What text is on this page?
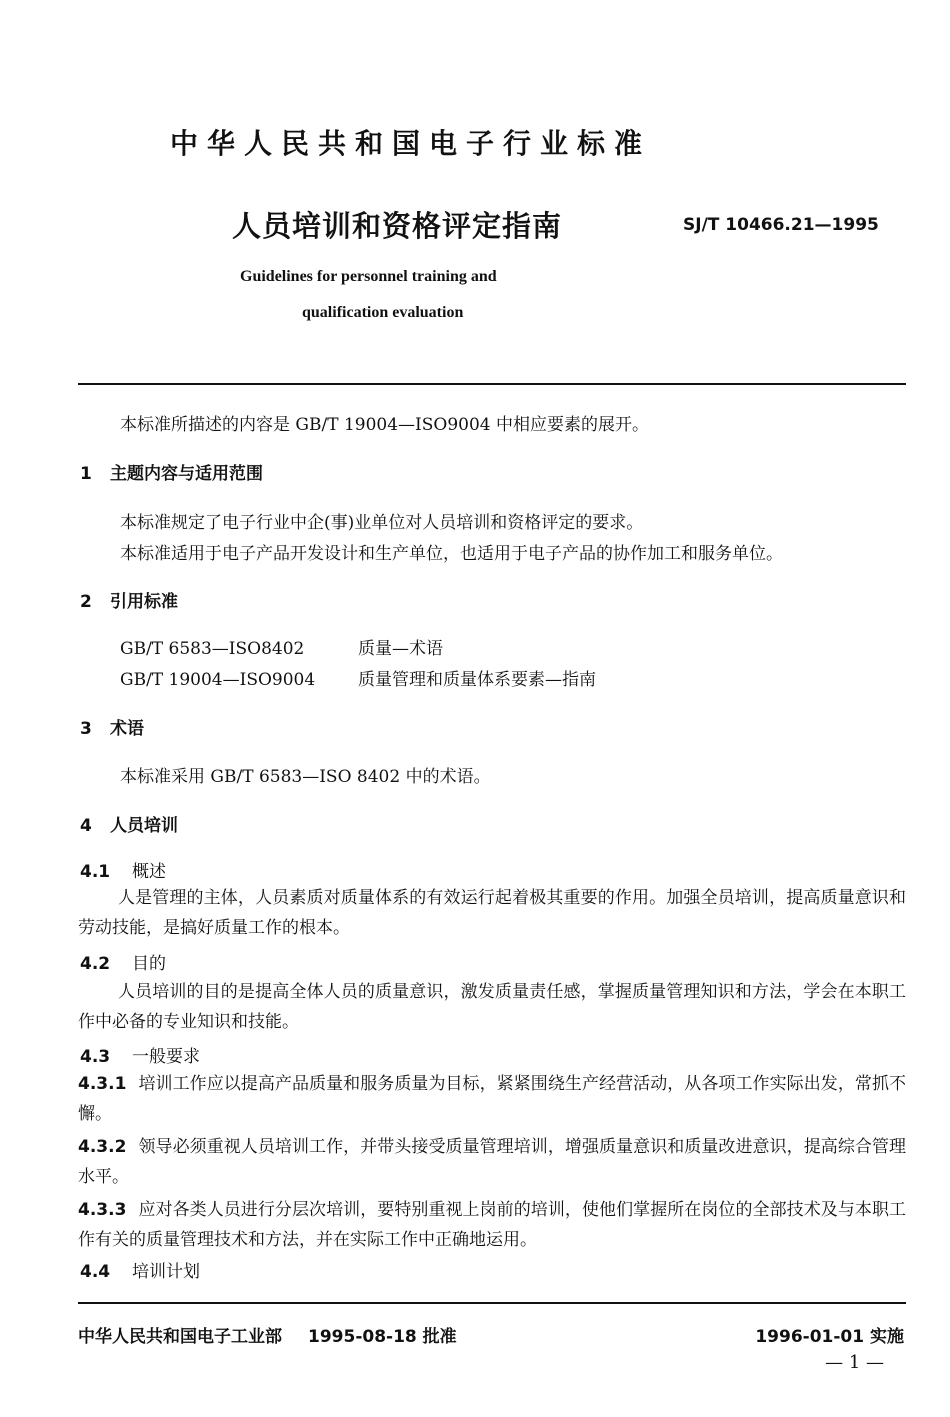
中华人民共和国电子行业标准
人员培训和资格评定指南	SJ/T 10466.21—1995
Guidelines for personnel training and
qualification evaluation
本标准所描述的内容是 GB/T 19004—ISO9004 中相应要素的展开。
1 主题内容与适用范围
本标准规定了电子行业中企(事)业单位对人员培训和资格评定的要求。
本标准适用于电子产品开发设计和生产单位，也适用于电子产品的协作加工和服务单位。
2 引用标准
GB/T 6583—ISO8402	质量—术语
GB/T 19004—ISO9004	质量管理和质量体系要素—指南
3 术语
本标准采用 GB/T 6583—ISO 8402 中的术语。
4 人员培训
4.1 概述
人是管理的主体，人员素质对质量体系的有效运行起着极其重要的作用。加强全员培训，提高质量意识和劳动技能，是搞好质量工作的根本。
4.2 目的
人员培训的目的是提高全体人员的质量意识，激发质量责任感，掌握质量管理知识和方法，学会在本职工作中必备的专业知识和技能。
4.3 一般要求
4.3.1 培训工作应以提高产品质量和服务质量为目标，紧紧围绕生产经营活动，从各项工作实际出发，常抓不懈。
4.3.2 领导必须重视人员培训工作，并带头接受质量管理培训，增强质量意识和质量改进意识，提高综合管理水平。
4.3.3 应对各类人员进行分层次培训，要特别重视上岗前的培训，使他们掌握所在岗位的全部技术及与本职工作有关的质量管理技术和方法，并在实际工作中正确地运用。
4.4 培训计划
中华人民共和国电子工业部 1995-08-18 批准	1996-01-01 实施
— 1 —
